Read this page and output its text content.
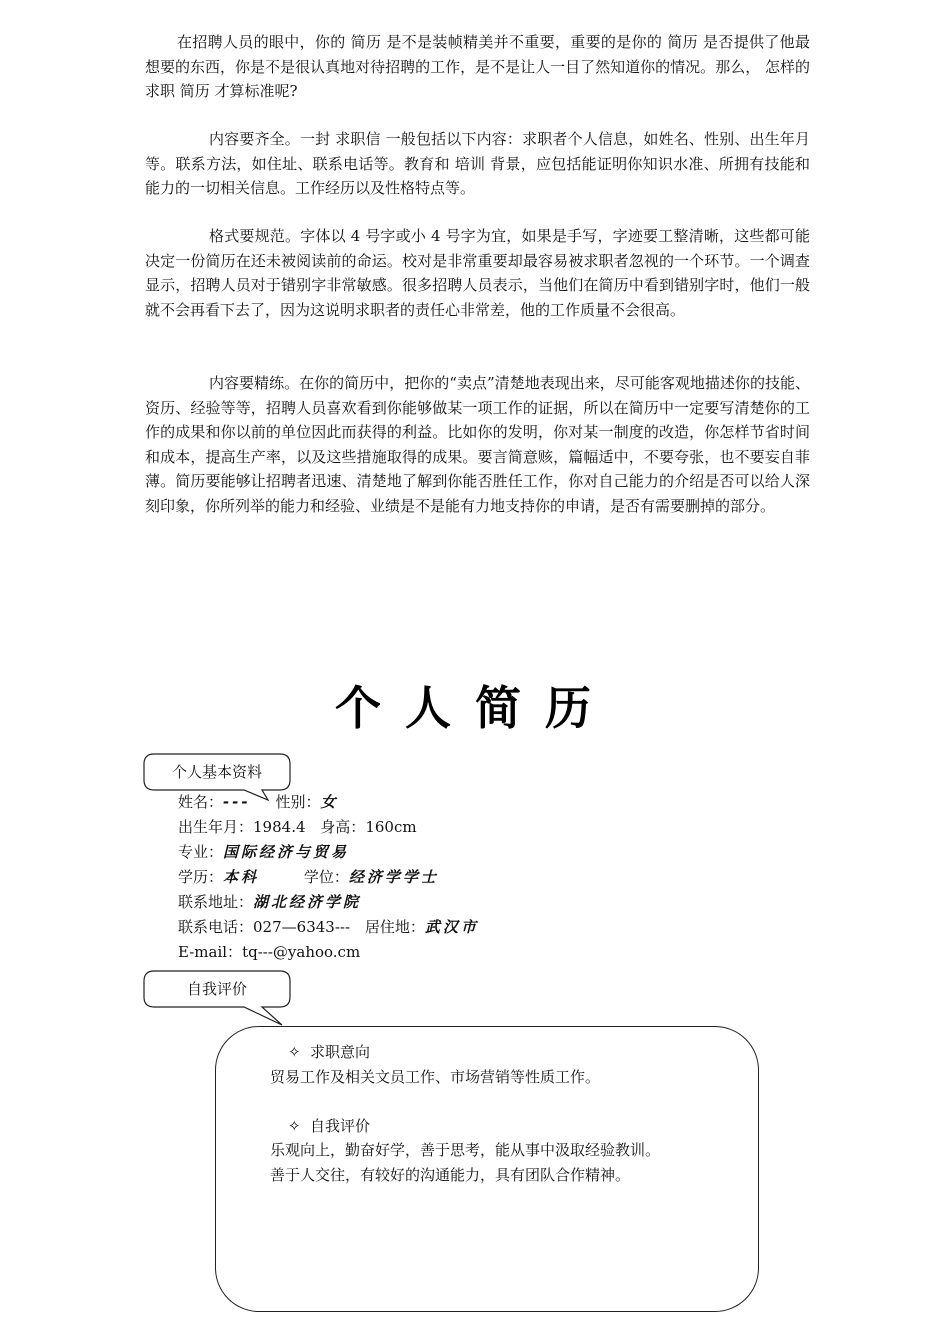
在招聘人员的眼中，你的 简历 是不是装帧精美并不重要，重要的是你的 简历 是否提供了他最想要的东西，你是不是很认真地对待招聘的工作，是不是让人一目了然知道你的情况。那么， 怎样的求职 简历 才算标准呢?

内容要齐全。一封 求职信 一般包括以下内容：求职者个人信息，如姓名、性别、出生年月等。联系方法，如住址、联系电话等。教育和 培训 背景，应包括能证明你知识水准、所拥有技能和能力的一切相关信息。工作经历以及性格特点等。

格式要规范。字体以 4 号字或小 4 号字为宜，如果是手写，字迹要工整清晰，这些都可能决定一份简历在还未被阅读前的命运。校对是非常重要却最容易被求职者忽视的一个环节。一个调查显示，招聘人员对于错别字非常敏感。很多招聘人员表示，当他们在简历中看到错别字时，他们一般就不会再看下去了，因为这说明求职者的责任心非常差，他的工作质量不会很高。

内容要精练。在你的简历中，把你的“卖点”清楚地表现出来，尽可能客观地描述你的技能、资历、经验等等，招聘人员喜欢看到你能够做某一项工作的证据，所以在简历中一定要写清楚你的工作的成果和你以前的单位因此而获得的利益。比如你的发明，你对某一制度的改造，你怎样节省时间和成本，提高生产率，以及这些措施取得的成果。要言简意赅，篇幅适中，不要夸张，也不要妄自菲薄。简历要能够让招聘者迅速、清楚地了解到你能否胜任工作，你对自己能力的介绍是否可以给人深刻印象，你所列举的能力和经验、业绩是不是能有力地支持你的申请，是否有需要删掉的部分。

个人简历
个人基本资料
姓名：--- 性别：女
出生年月：1984.4 身高：160cm
专业：国际经济与贸易
学历：本科	学位：经济学学士
联系地址：湖北经济学院
联系电话：027—6343--- 居住地：武汉市
E-mail：tq---@yahoo.cm
自我评价
✧ 求职意向
贸易工作及相关文员工作、市场营销等性质工作。
✧ 自我评价
乐观向上，勤奋好学，善于思考，能从事中汲取经验教训。
善于人交往，有较好的沟通能力，具有团队合作精神。
